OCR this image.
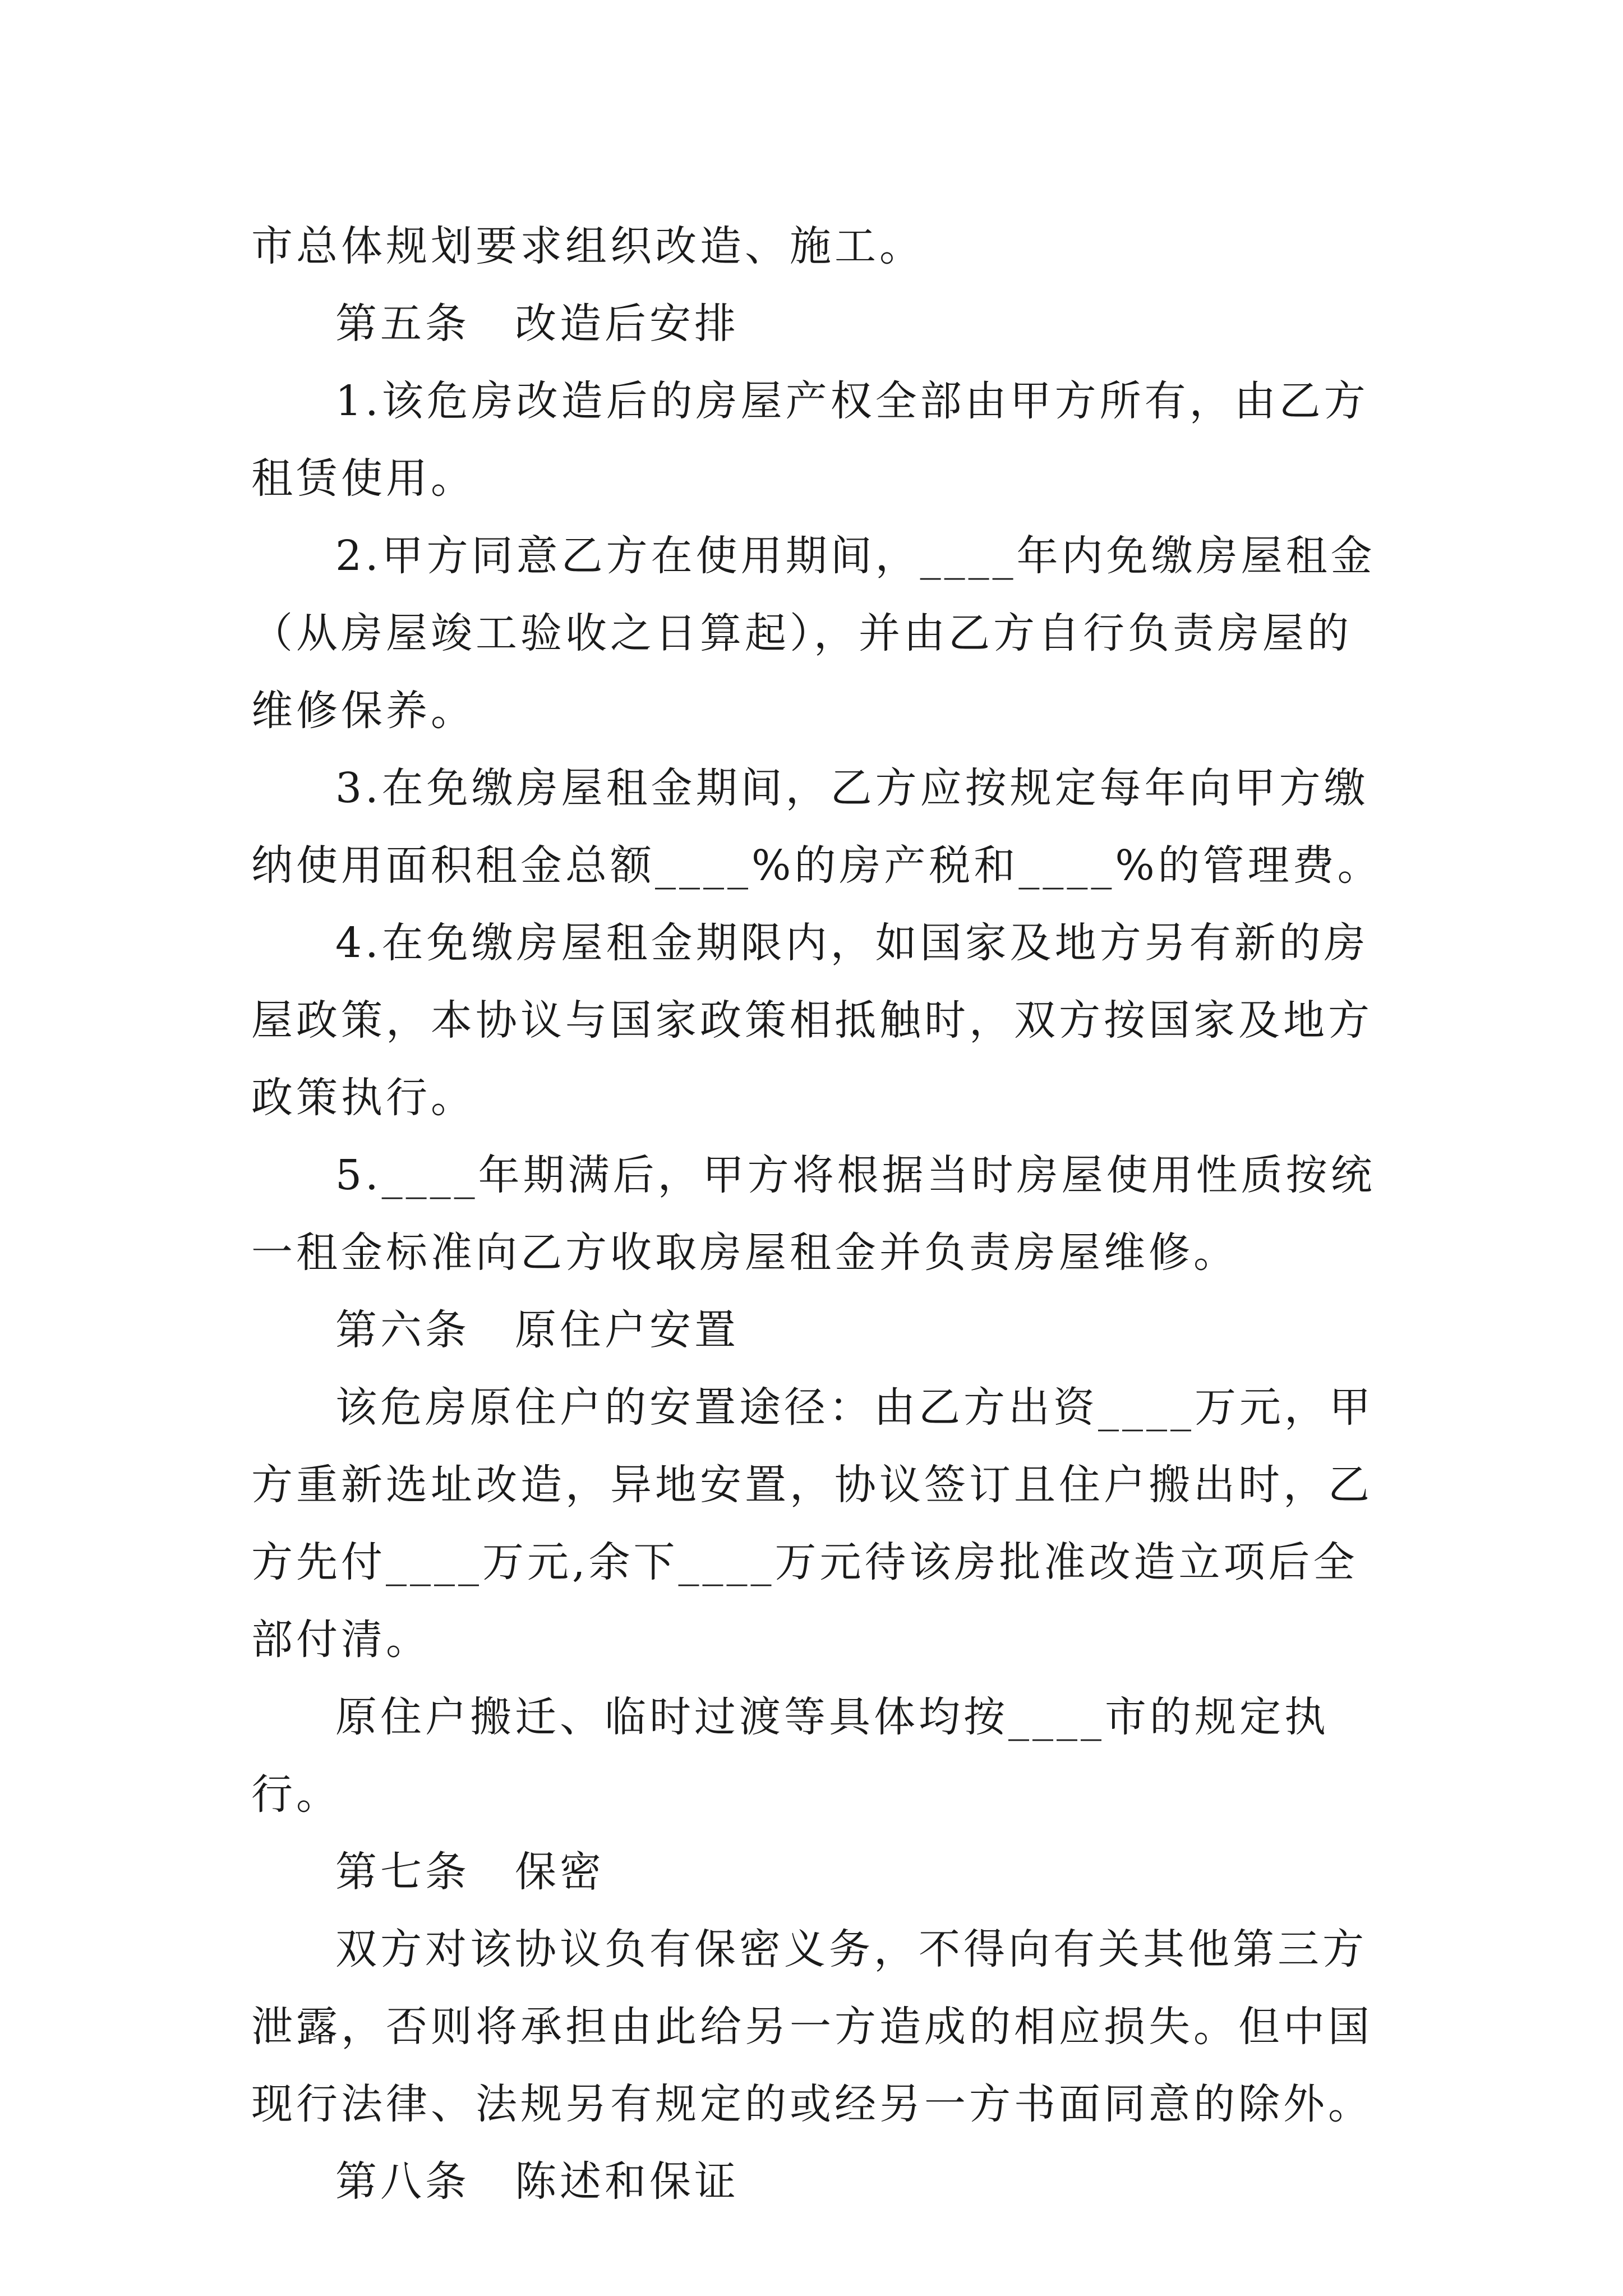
市总体规划要求组织改造、施工。

第五条　改造后安排

1.该危房改造后的房屋产权全部由甲方所有，由乙方租赁使用。

2.甲方同意乙方在使用期间，____年内免缴房屋租金（从房屋竣工验收之日算起），并由乙方自行负责房屋的维修保养。

3.在免缴房屋租金期间，乙方应按规定每年向甲方缴纳使用面积租金总额____%的房产税和____%的管理费。

4.在免缴房屋租金期限内，如国家及地方另有新的房屋政策，本协议与国家政策相抵触时，双方按国家及地方政策执行。

5.____年期满后，甲方将根据当时房屋使用性质按统一租金标准向乙方收取房屋租金并负责房屋维修。

第六条　原住户安置

该危房原住户的安置途径：由乙方出资____万元，甲方重新选址改造，异地安置，协议签订且住户搬出时，乙方先付____万元,余下____万元待该房批准改造立项后全部付清。

原住户搬迁、临时过渡等具体均按____市的规定执行。

第七条　保密

双方对该协议负有保密义务，不得向有关其他第三方泄露，否则将承担由此给另一方造成的相应损失。但中国现行法律、法规另有规定的或经另一方书面同意的除外。

第八条　陈述和保证
